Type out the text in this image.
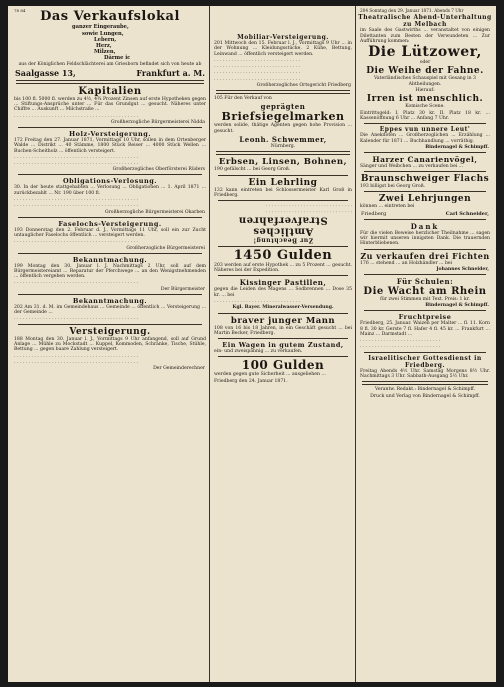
78 84	Das Verkaufslokal
ganzer Eingeraube,
sowie Lungen,
Lebern,
Herz,
Milzen,
Därme ic
aus der Königlichen Feldschlächterei am Griesborn befindet sich von heute ab
Saalgasse 13,	Frankfurt a. M.
Kapitalien
bis 100 fl. 5000 fl. werden zu 4½, 4¾ Prozent Zinsen auf erste Hypotheken gegen ... Stiftungs-Ansprüche unter ... Für das Grundgut ... gesucht. Näheres unter Chiffre ... Auskunft ... Milchstraße ...
. . . . . . . . . . . . . . . . . . . . . . . . . . . . . . . . . . . . . . . . . . .
Großherzogliche Bürgermeisterei Nidda
Holz-Versteigerung.
172 Freitag den 27. Januar 1871, Vormittags 10 Uhr, sollen in dem Ortenberger Walde ... Distrikt ... 40 Stämme, 1800 Stück Reiser ... 4000 Stück Wellen ... Buchen-Scheitholz ... öffentlich versteigert.
. . . . . . . . . . . . . . . . . . . . . . . . . . . . . . . . . . . . . . . . . . .
. . . . . . . . . . . . . . . . . . . . . . . . . . . . . . . . . . . . . . . . . . .
Großherzogliches Oberförsterei Rüders
Obligations-Verlosung.
30. In der heute stattgehabten ... Verlosung ... Obligationen ... 1. April 1871 ... zurückbezahlt ... Nr. 190 über 100 fl.
. . . . . . . . . . . . . . . . . . . . . . . . . . . . . . . . . . . . . . . . . . .
. . . . . . . . . . . . . . . . . . . . . . . . . . . . . . . . . . . . . . . . . . .
Großherzogliche Bürgermeisterei Okarben
Faselochs-Versteigerung.
193 Donnerstag den 2. Februar d. J., Vormittags 11 Uhr, soll ein zur Zucht untauglicher Faselochs öffentlich ... versteigert werden.
. . . . . . . . . . . . . . . . . . . . . . . . . . . . . . . . . . . . . . . . . . .
Großherzogliche Bürgermeisterei
Bekanntmachung.
199 Montag den 30. Januar l. J. Nachmittags 2 Uhr, soll auf dem Bürgermeistereiamt ... Reparatur der Pferchwege ... an den Wenigstnehmenden ... öffentlich vergeben werden.
. . . . . . . . . . . . . . . . . . . . . . . . . . . . . . . . . . . . . . . . . . .
Der Bürgermeister
Bekanntmachung.
202 Am 31. d. M. im Gemeindehaus ... Gemeinde ... öffentlich ... Versteigerung ... der Gemeinde ...
. . . . . . . . . . . . . . . . . . . . . . . . . . . . . . . . . . . . . . . . . . .
Versteigerung.
188 Montag den 30. Januar l. J., Vormittags 9 Uhr anfangend, soll auf Grund Anlage ... Mühle zu Mockstadt ... Kuppel, Kommoden, Schränke, Tische, Stühle, Bettung ... gegen baare Zahlung versteigert.
. . . . . . . . . . . . . . . . . . . . . . . . . . . . . . . . . . . . . . . . . . .
. . . . . . . . . . . . . . . . . . . . . . . . . . . . . . . . . . . . . . . . . . .
Der Gemeinderechner
Mobiliar-Versteigerung.
201 Mittwoch den 15. Februar l. J., Vormittags 9 Uhr ... in der Wohnung ... Kleidungsstücke, 2 Kühe, Bettung, Leinwand ... öffentlich versteigert werden.
. . . . . . . . . . . . . . . . . . . . . . . . . . . . . .
. . . . . . . . . . . . . . . . . . . . . . . . . . . . . .
. . . . . . . . . . . . . . . . . . . . . . . . . . . . . .
. . . . . . . . . . . . . . . . . . . . . . . . . . . . . .
Großherzogliches Ortsgericht Friedberg
105 Für den Verkauf von
geprägten
Briefsiegelmarken
werden solide, thätige Agenten gegen hohe Provision ... gesucht.
Leonh. Schwemmer,
Nürnberg.
Erbsen, Linsen, Bohnen,
190 gefälscht ... bei Georg Groß.
Ein Lehrling
132 kann eintreten bei Schlossermeister Karl Groß in Friedberg.
Zur Beachtung!
Amtliches Strafverfahren
. . . . . . . . . . . . . . . . . . . . . . . . . . . . . .
. . . . . . . . . . . . . . . . . . . . . . . . . . . . . .
1450 Gulden
203 werden auf erste Hypothek ... zu 5 Prozent ... gesucht. Näheres bei der Expedition.
Kissinger Pastillen,
gegen die Leiden des Magens ... Sodbrennen ... Dose 35 kr. ... bei
. . . . . . . . . . . . . . . . . . . . . . . . . . . . . .
Kgl. Bayer. Mineralwasser-Versendung.
braver junger Mann
108 von 16 bis 18 Jahren, in ein Geschäft gesucht ... bei Martin Becker, Friedberg.
Ein Wagen in gutem Zustand,
ein- und zweispännig ... zu verkaufen.
100 Gulden
werden gegen gute Sicherheit ... ausgeliehen ...
Friedberg den 24. Januar 1871.
204 Sonntag den 29. Januar 1871. Abends 7 Uhr
Theatralische Abend-Unterhaltung
zu Melbach
im Saale des Gastwirths ... veranstaltet von einigen Dilettanten zum Besten der Verwundeten ... Zur Aufführung kommen:
Die Lützower,
oder
Die Weihe der Fahne.
Vaterländisches Schauspiel mit Gesang in 3 Abtheilungen.
Hierauf:
Irren ist menschlich.
Komische Scene.
Eintrittsgeld: I. Platz 30 kr. II. Platz 18 kr. ... Kassenöffnung 6 Uhr ... Anfang 7 Uhr.
Eppes vun unnere Leut'
Die Anekdoten ... Großherzoglichen ... Erzählung ... Kalender für 1871 ... Buchhandlung ... vorräthig.
Bindernagel & Schimpff.
Harzer Canarienvögel,
Sänger und Weibchen ... zu verkaufen bei ...
Braunschweiger Flachs
193 billigst bei Georg Groß.
Zwei Lehrjungen
können ... eintreten bei
Friedberg	Carl Schneider,
Dank
Für die vielen Beweise herzlicher Theilnahme ... sagen wir hiermit unseren innigsten Dank. Die trauernden Hinterbliebenen.
Zu verkaufen drei Fichten
176 ... stehend ... an Holzhändler ... bei
Johannes Schneider,
Für Schulen:
Die Wacht am Rhein
für zwei Stimmen mit Text. Preis: 1 kr.
Bindernagel & Schimpff.
Fruchtpreise
Friedberg, 25. Januar. Waizen per Malter ... fl. 11. Korn 8 fl. 30 kr. Gerste 7 fl. Hafer 4 fl. 45 kr. ... Frankfurt ... Mainz ... Darmstadt ...
. . . . . . . . . . . . . . . . . . . . . . . . . . . .
. . . . . . . . . . . . . . . . . . . . . . . . . . . .
Israelitischer Gottesdienst in Friedberg.
Freitag Abends 4½ Uhr. Samstag Morgens 8½ Uhr. Nachmittags 3 Uhr. Sabbath-Ausgang 5½ Uhr.
Verantw. Redakt.: Bindernagel & Schimpff.
Druck und Verlag von Bindernagel & Schimpff.
